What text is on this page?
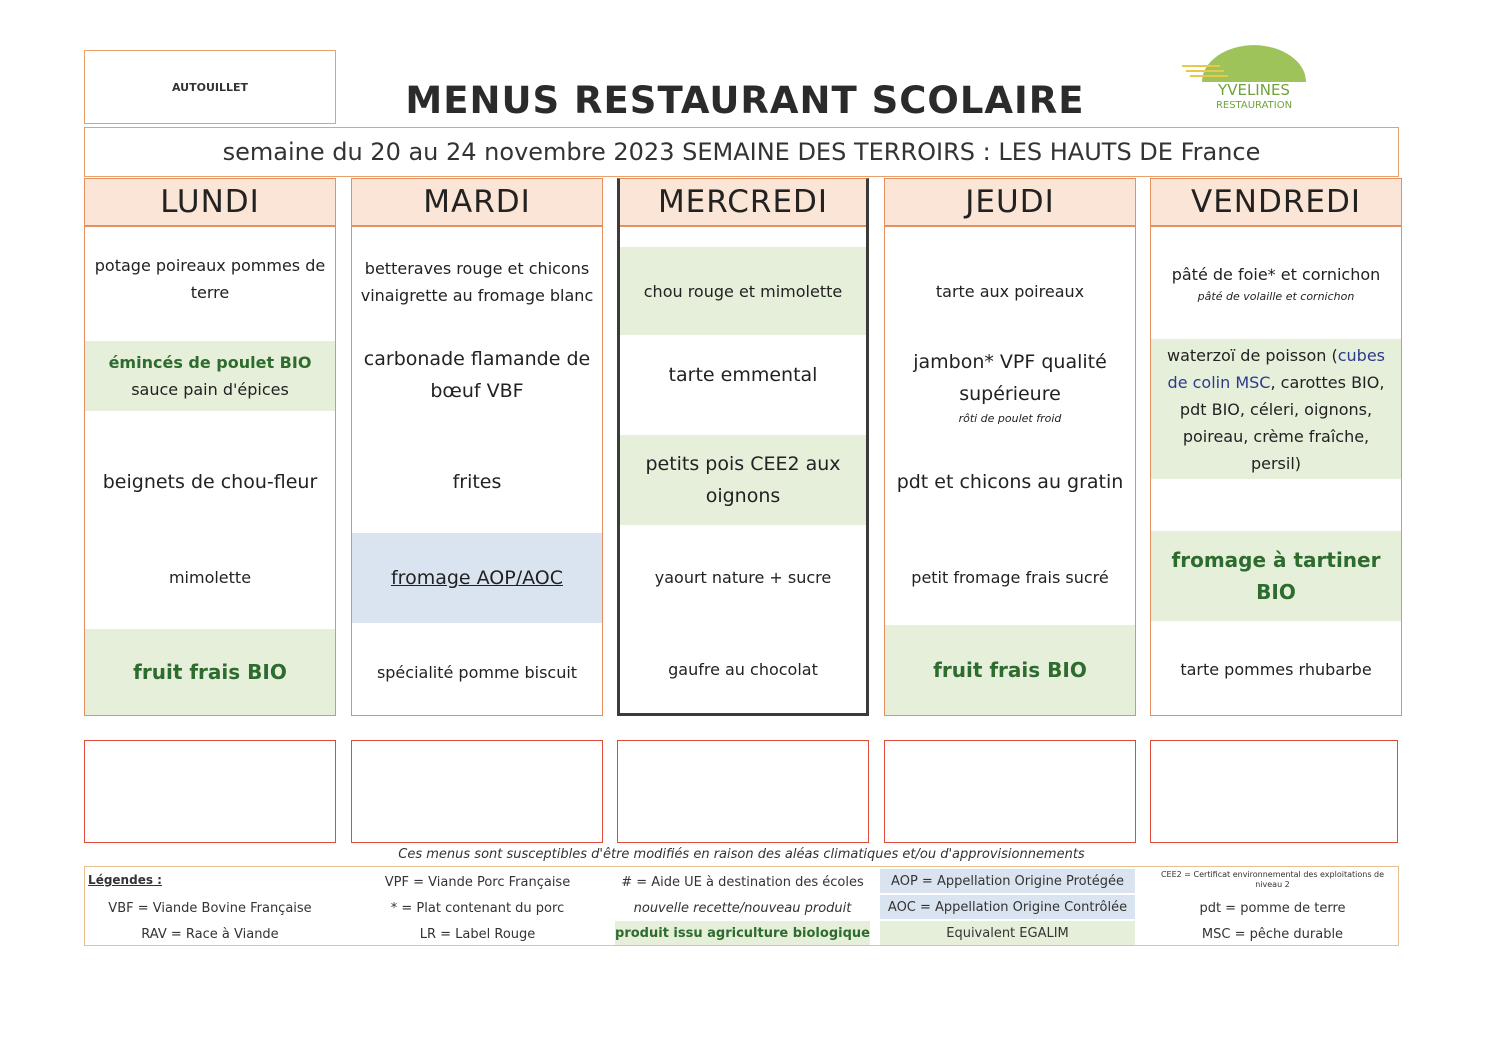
AUTOUILLET	MENUS RESTAURANT SCOLAIRE	YVELINES
RESTAURATION
semaine du 20 au 24 novembre 2023 SEMAINE DES TERROIRS : LES HAUTS DE France
LUNDI
potage poireaux pommes de terre
émincés de poulet BIO sauce pain d'épices
beignets de chou-fleur
mimolette
fruit frais BIO
MARDI
betteraves rouge et chicons vinaigrette au fromage blanc
carbonade flamande de bœuf VBF
frites
fromage AOP/AOC
spécialité pomme biscuit
MERCREDI
chou rouge et mimolette
tarte emmental
petits pois CEE2 aux oignons
yaourt nature + sucre
gaufre au chocolat
JEUDI
tarte aux poireaux
jambon* VPF qualité supérieure
rôti de poulet froid
pdt et chicons au gratin
petit fromage frais sucré
fruit frais BIO
VENDREDI
pâté de foie* et cornichon
pâté de volaille et cornichon
waterzoï de poisson (cubes de colin MSC, carottes BIO, pdt BIO, céleri, oignons, poireau, crème fraîche, persil)
fromage à tartiner BIO
tarte pommes rhubarbe
Ces menus sont susceptibles d'être modifiés en raison des aléas climatiques et/ou d'approvisionnements
Légendes :
VBF = Viande Bovine Française
RAV = Race à Viande
VPF = Viande Porc Française
* = Plat contenant du porc
LR = Label Rouge
# = Aide UE à destination des écoles
nouvelle recette/nouveau produit
produit issu agriculture biologique
AOP = Appellation Origine Protégée
AOC = Appellation Origine Contrôlée
Equivalent EGALIM
CEE2 = Certificat environnemental des exploitations de niveau 2
pdt = pomme de terre
MSC = pêche durable
